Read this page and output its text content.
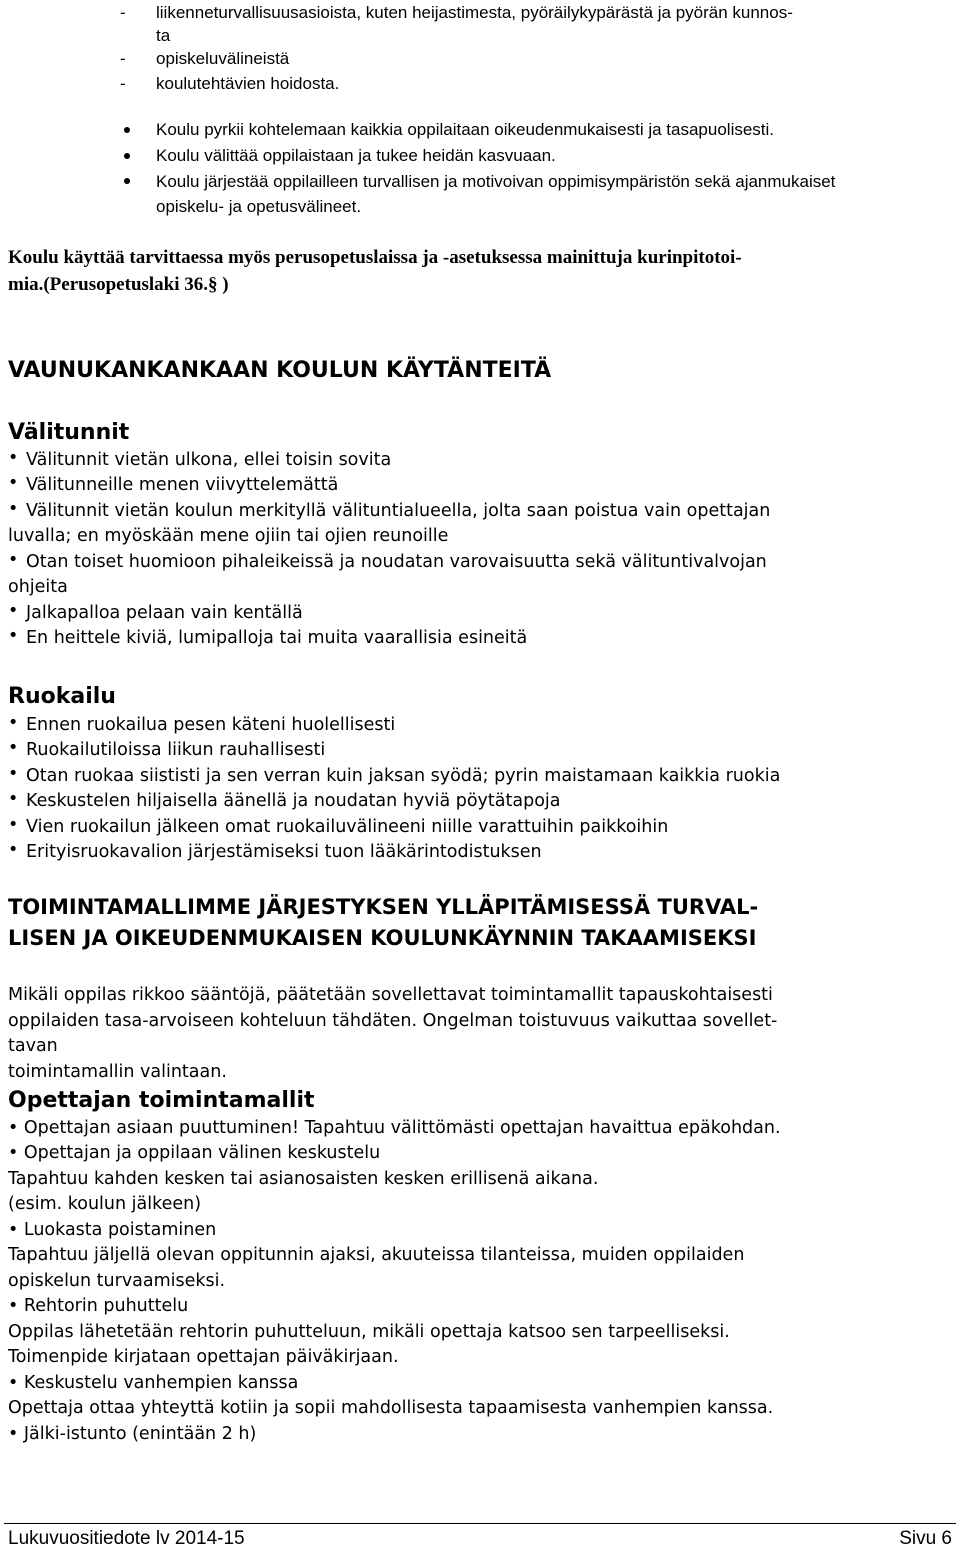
- liikenneturvallisuusasioista, kuten heijastimesta, pyöräilykypärästä ja pyörän kunnos-
ta
- opiskeluvälineistä
- koulutehtävien hoidosta.
Koulu pyrkii kohtelemaan kaikkia oppilaitaan oikeudenmukaisesti ja tasapuolisesti.
Koulu välittää oppilaistaan ja tukee heidän kasvuaan.
Koulu järjestää oppilailleen turvallisen ja motivoivan oppimisympäristön sekä ajanmukaiset
opiskelu- ja opetusvälineet.
Koulu käyttää tarvittaessa myös perusopetuslaissa ja -asetuksessa mainittuja kurinpitotoi-
mia.(Perusopetuslaki 36.§ )
VAUNUKANKANKAAN KOULUN KÄYTÄNTEITÄ
Välitunnit
• Välitunnit vietän ulkona, ellei toisin sovita
• Välitunneille menen viivyttelemättä
• Välitunnit vietän koulun merkityllä välituntialueella, jolta saan poistua vain opettajan
luvalla; en myöskään mene ojiin tai ojien reunoille
• Otan toiset huomioon pihaleikeissä ja noudatan varovaisuutta sekä välituntivalvojan
ohjeita
• Jalkapalloa pelaan vain kentällä
• En heittele kiviä, lumipalloja tai muita vaarallisia esineitä
Ruokailu
• Ennen ruokailua pesen käteni huolellisesti
• Ruokailutiloissa liikun rauhallisesti
• Otan ruokaa siististi ja sen verran kuin jaksan syödä; pyrin maistamaan kaikkia ruokia
• Keskustelen hiljaisella äänellä ja noudatan hyviä pöytätapoja
• Vien ruokailun jälkeen omat ruokailuvälineeni niille varattuihin paikkoihin
• Erityisruokavalion järjestämiseksi tuon lääkärintodistuksen
TOIMINTAMALLIMME JÄRJESTYKSEN YLLÄPITÄMISESSÄ TURVAL-
LISEN JA OIKEUDENMUKAISEN KOULUNKÄYNNIN TAKAAMISEKSI
Mikäli oppilas rikkoo sääntöjä, päätetään sovellettavat toimintamallit tapauskohtaisesti
oppilaiden tasa-arvoiseen kohteluun tähdäten. Ongelman toistuvuus vaikuttaa sovellet-
tavan
toimintamallin valintaan.
Opettajan toimintamallit
• Opettajan asiaan puuttuminen! Tapahtuu välittömästi opettajan havaittua epäkohdan.
• Opettajan ja oppilaan välinen keskustelu
Tapahtuu kahden kesken tai asianosaisten kesken erillisenä aikana.
(esim. koulun jälkeen)
• Luokasta poistaminen
Tapahtuu jäljellä olevan oppitunnin ajaksi, akuuteissa tilanteissa, muiden oppilaiden
opiskelun turvaamiseksi.
• Rehtorin puhuttelu
Oppilas lähetetään rehtorin puhutteluun, mikäli opettaja katsoo sen tarpeelliseksi.
Toimenpide kirjataan opettajan päiväkirjaan.
• Keskustelu vanhempien kanssa
Opettaja ottaa yhteyttä kotiin ja sopii mahdollisesta tapaamisesta vanhempien kanssa.
• Jälki-istunto (enintään 2 h)
Lukuvuositiedote lv 2014-15	Sivu 6
